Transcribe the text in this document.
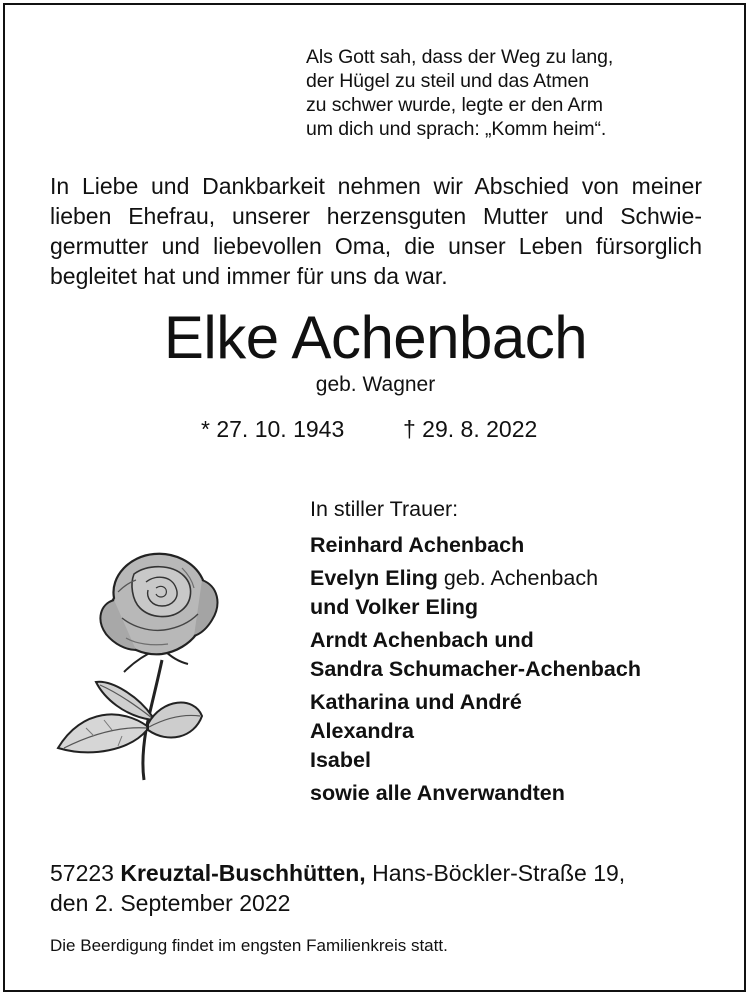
Als Gott sah, dass der Weg zu lang,
der Hügel zu steil und das Atmen
zu schwer wurde, legte er den Arm
um dich und sprach: „Komm heim“.
In Liebe und Dankbarkeit nehmen wir Abschied von meiner
lieben Ehefrau, unserer herzensguten Mutter und Schwie-
germutter und liebevollen Oma, die unser Leben fürsorglich
begleitet hat und immer für uns da war.
Elke Achenbach
geb. Wagner
* 27. 10. 1943	† 29. 8. 2022
In stiller Trauer:
Reinhard Achenbach
Evelyn Eling geb. Achenbach
und Volker Eling
Arndt Achenbach und
Sandra Schumacher-Achenbach
Katharina und André
Alexandra
Isabel
sowie alle Anverwandten
57223 Kreuztal-Buschhütten, Hans-Böckler-Straße 19,
den 2. September 2022
Die Beerdigung findet im engsten Familienkreis statt.
